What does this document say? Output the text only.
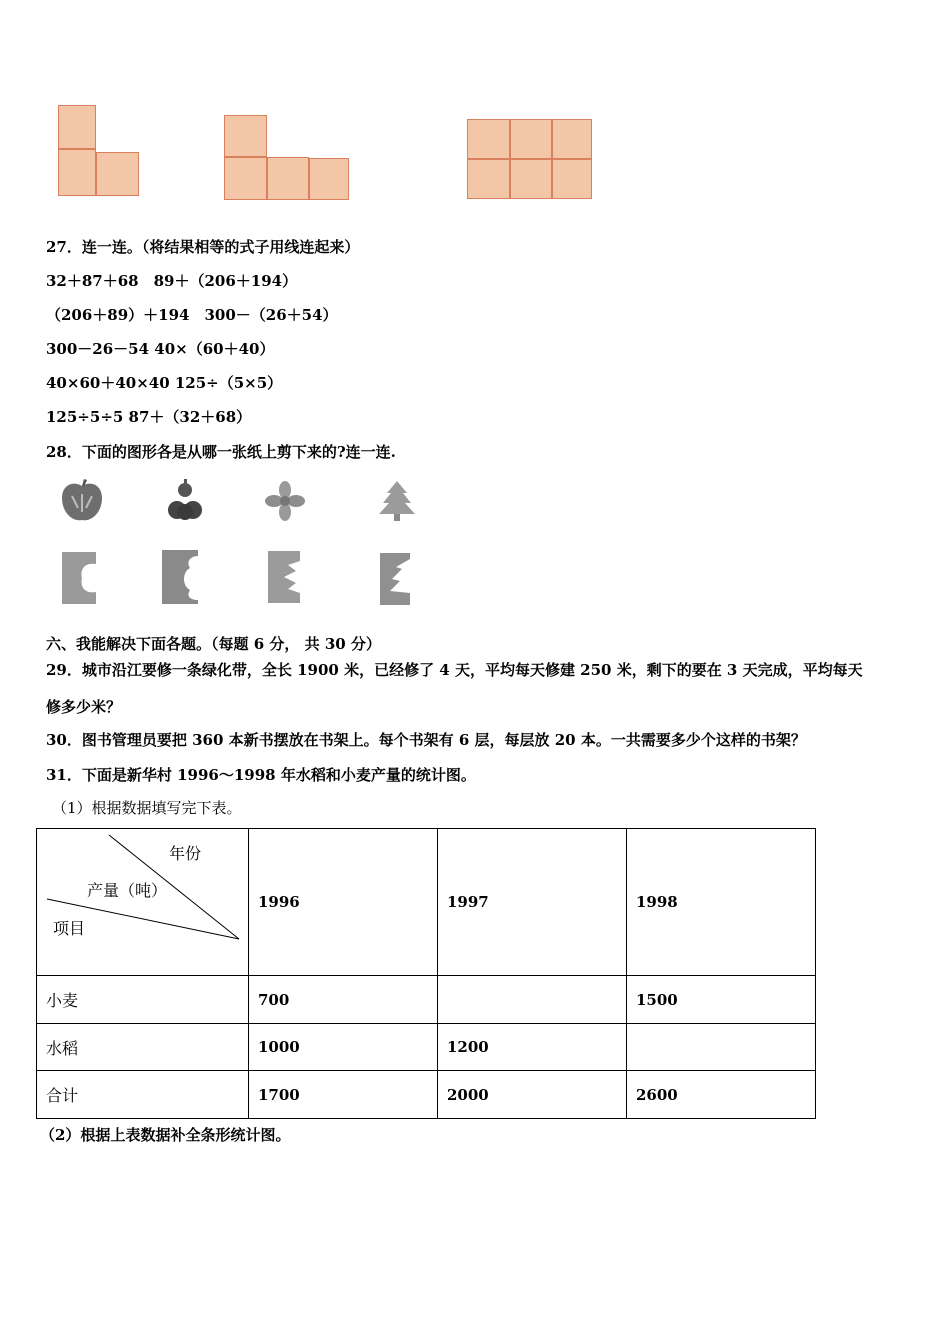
27．连一连。（将结果相等的式子用线连起来）
32＋87＋68　89＋（206＋194）
（206＋89）＋194　300－（26＋54）
300－26－54 40×（60＋40）
40×60＋40×40 125÷（5×5）
125÷5÷5 87＋（32＋68）
28．下面的图形各是从哪一张纸上剪下来的?连一连.
六、我能解决下面各题。（每题 6 分， 共 30 分）
29．城市沿江要修一条绿化带，全长 1900 米，已经修了 4 天，平均每天修建 250 米，剩下的要在 3 天完成，平均每天
修多少米？
30．图书管理员要把 360 本新书摆放在书架上。每个书架有 6 层，每层放 20 本。一共需要多少个这样的书架？
31．下面是新华村 1996～1998 年水稻和小麦产量的统计图。
（1）根据数据填写完下表。
年份
产量（吨）
项目	1996	1997	1998
小麦	700		1500
水稻	1000	1200	
合计	1700	2000	2600
（2）根据上表数据补全条形统计图。
